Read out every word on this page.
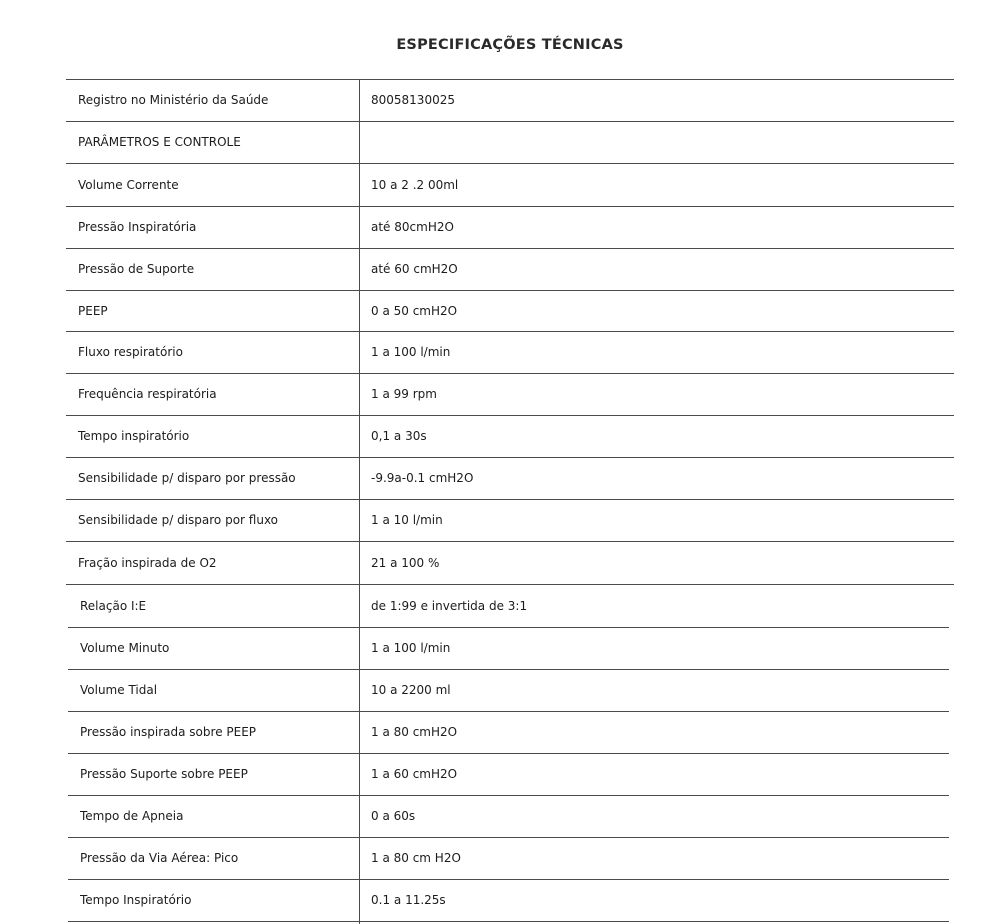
ESPECIFICAÇÕES TÉCNICAS
Registro no Ministério da Saúde	80058130025
PARÂMETROS E CONTROLE
Volume Corrente	10 a 2 .2 00ml
Pressão Inspiratória	até 80cmH2O
Pressão de Suporte	até 60 cmH2O
PEEP	0 a 50 cmH2O
Fluxo respiratório	1 a 100 l/min
Frequência respiratória	1 a 99 rpm
Tempo inspiratório	0,1 a 30s
Sensibilidade p/ disparo por pressão	-9.9a-0.1 cmH2O
Sensibilidade p/ disparo por fluxo	1 a 10 l/min
Fração inspirada de O2	21 a 100 %
Relação I:E	de 1:99 e invertida de 3:1
Volume Minuto	1 a 100 l/min
Volume Tidal	10 a 2200 ml
Pressão inspirada sobre PEEP	1 a 80 cmH2O
Pressão Suporte sobre PEEP	1 a 60 cmH2O
Tempo de Apneia	0 a 60s
Pressão da Via Aérea: Pico	1 a 80 cm H2O
Tempo Inspiratório	0.1 a 11.25s
